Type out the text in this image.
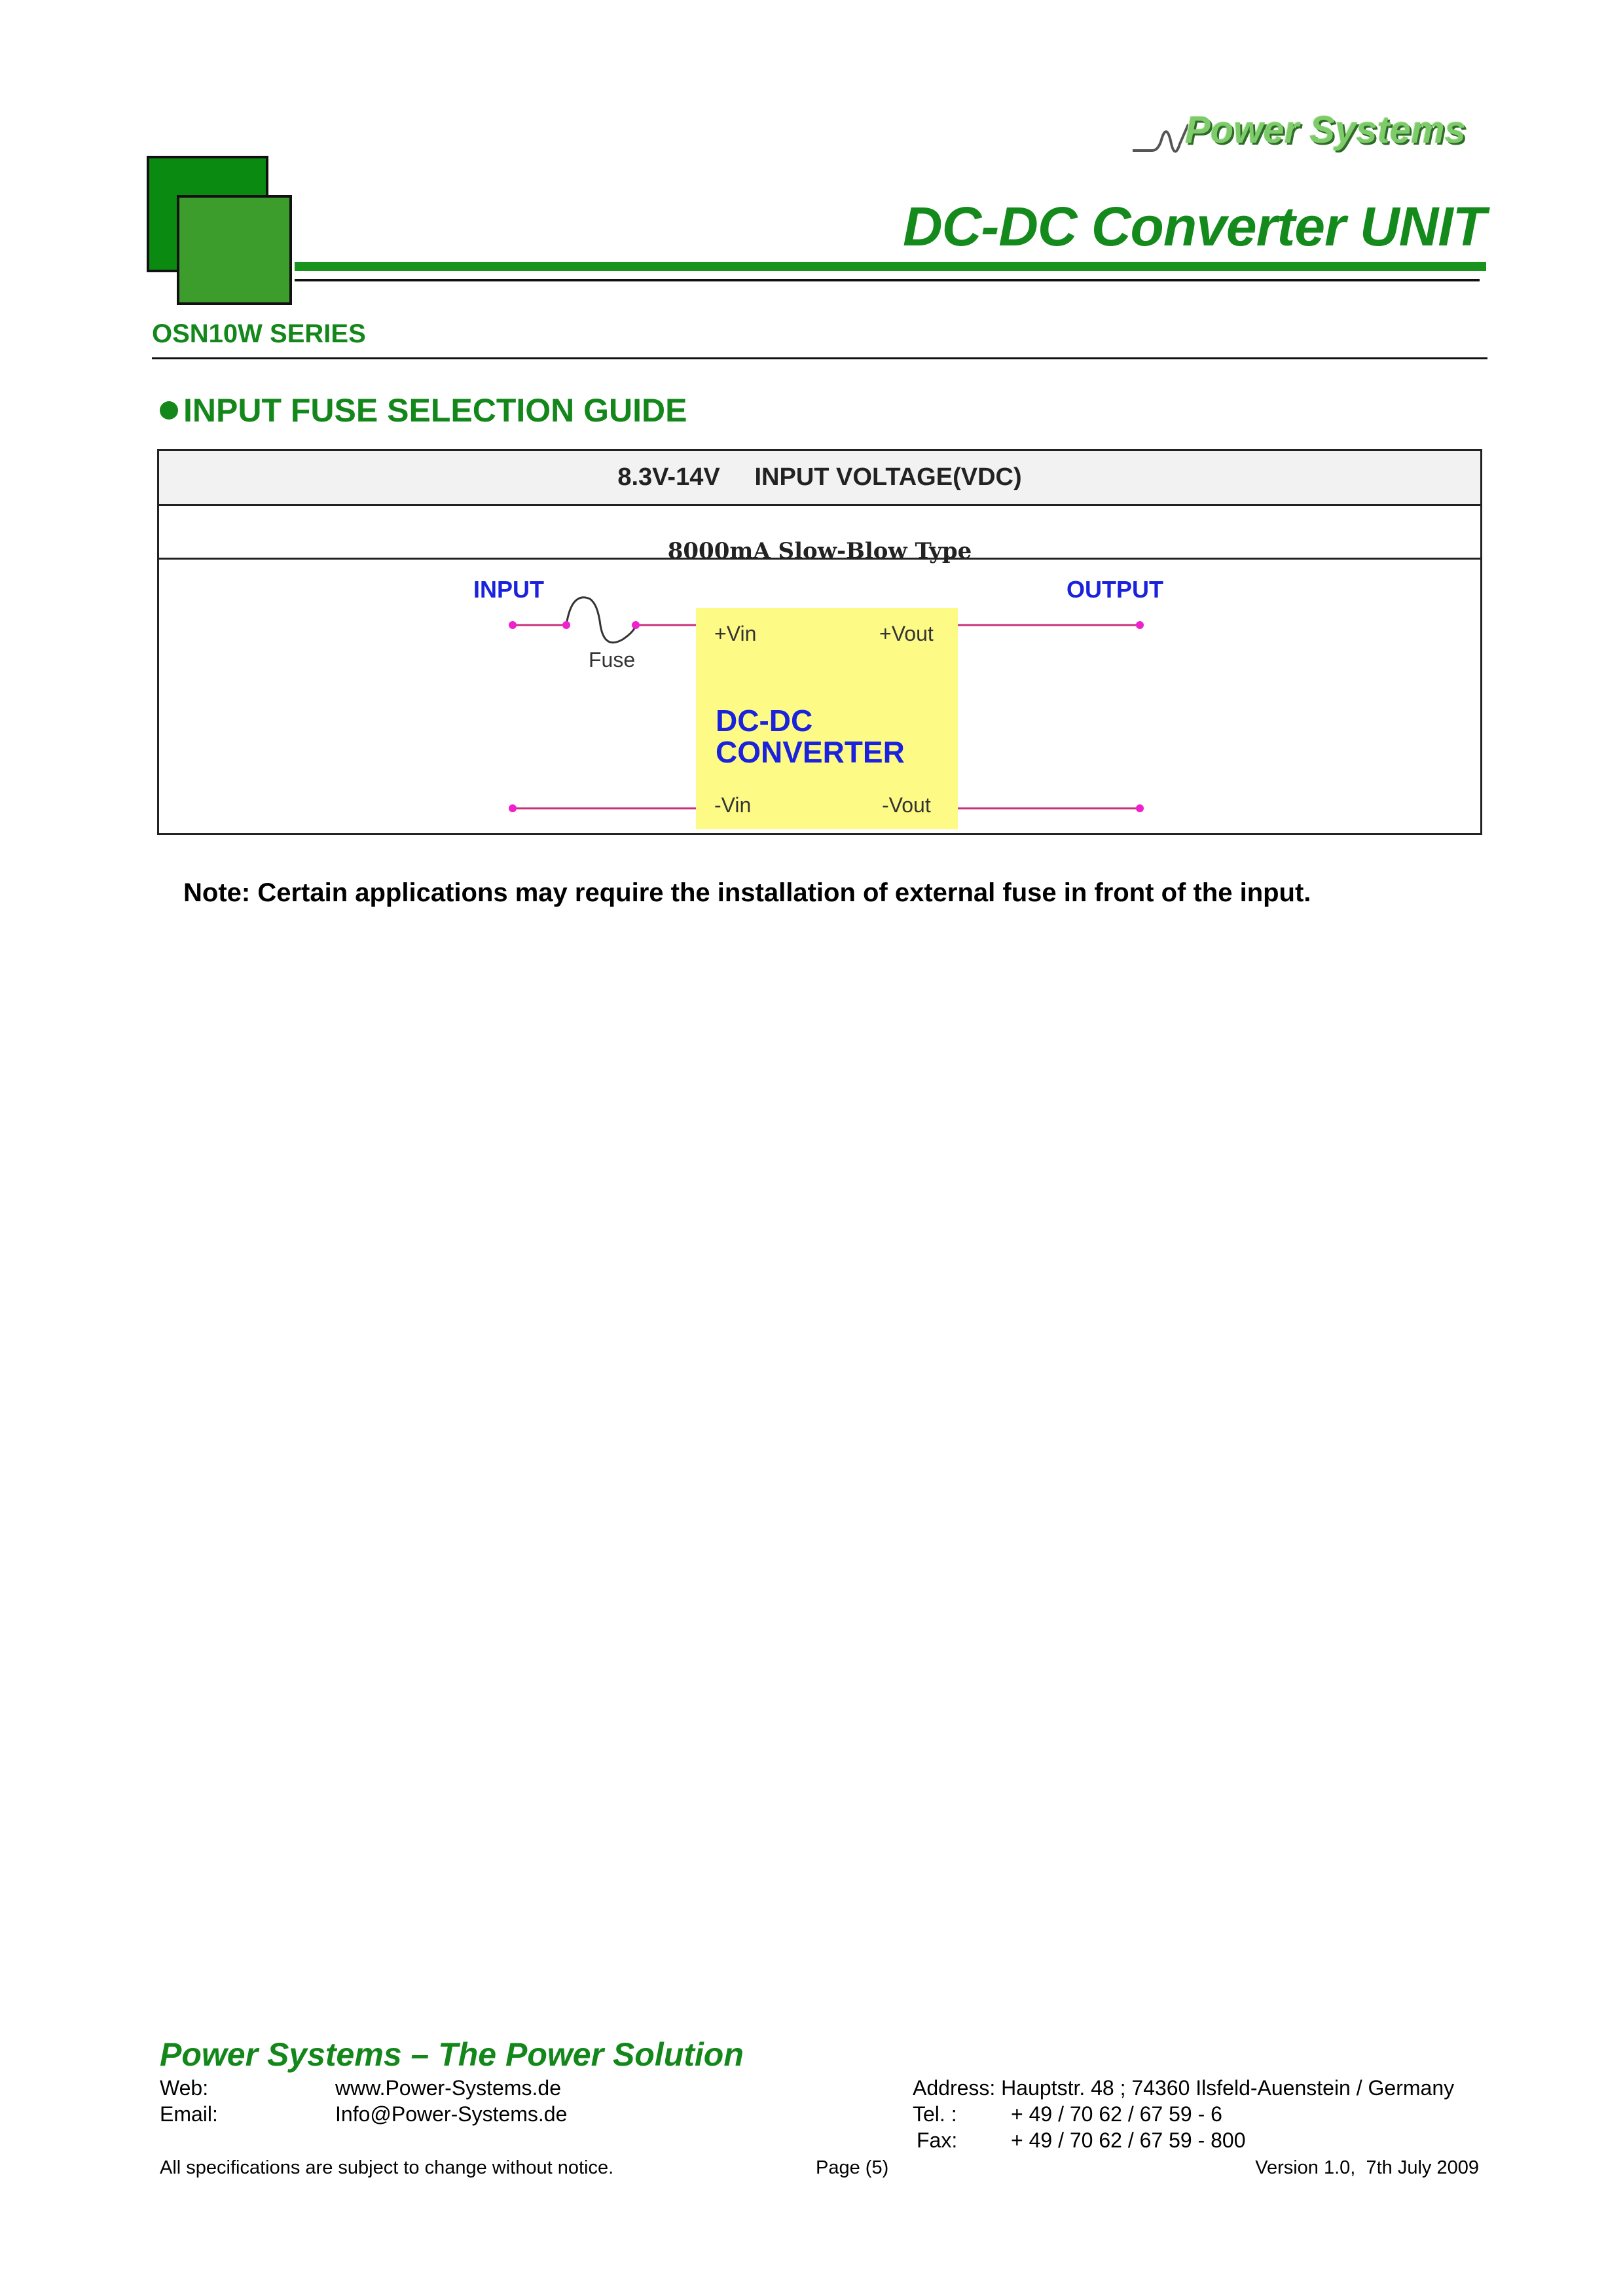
Power Systems
DC-DC Converter UNIT
OSN10W SERIES
INPUT FUSE SELECTION GUIDE
8.3V-14V
INPUT VOLTAGE(VDC)
8000mA Slow-Blow Type
INPUT	OUTPUT
Fuse
+Vin	+Vout
-Vin	-Vout
DC-DC
CONVERTER
Note: Certain applications may require the installation of external fuse in front of the input.
Power Systems – The Power Solution
Web:	www.Power-Systems.de
Email:	Info@Power-Systems.de
Address: Hauptstr. 48 ; 74360 Ilsfeld-Auenstein / Germany
Tel. :	+ 49 / 70 62 / 67 59 - 6
Fax:	+ 49 / 70 62 / 67 59 - 800
All specifications are subject to change without notice.	Page (5)	Version 1.0,  7th July 2009
